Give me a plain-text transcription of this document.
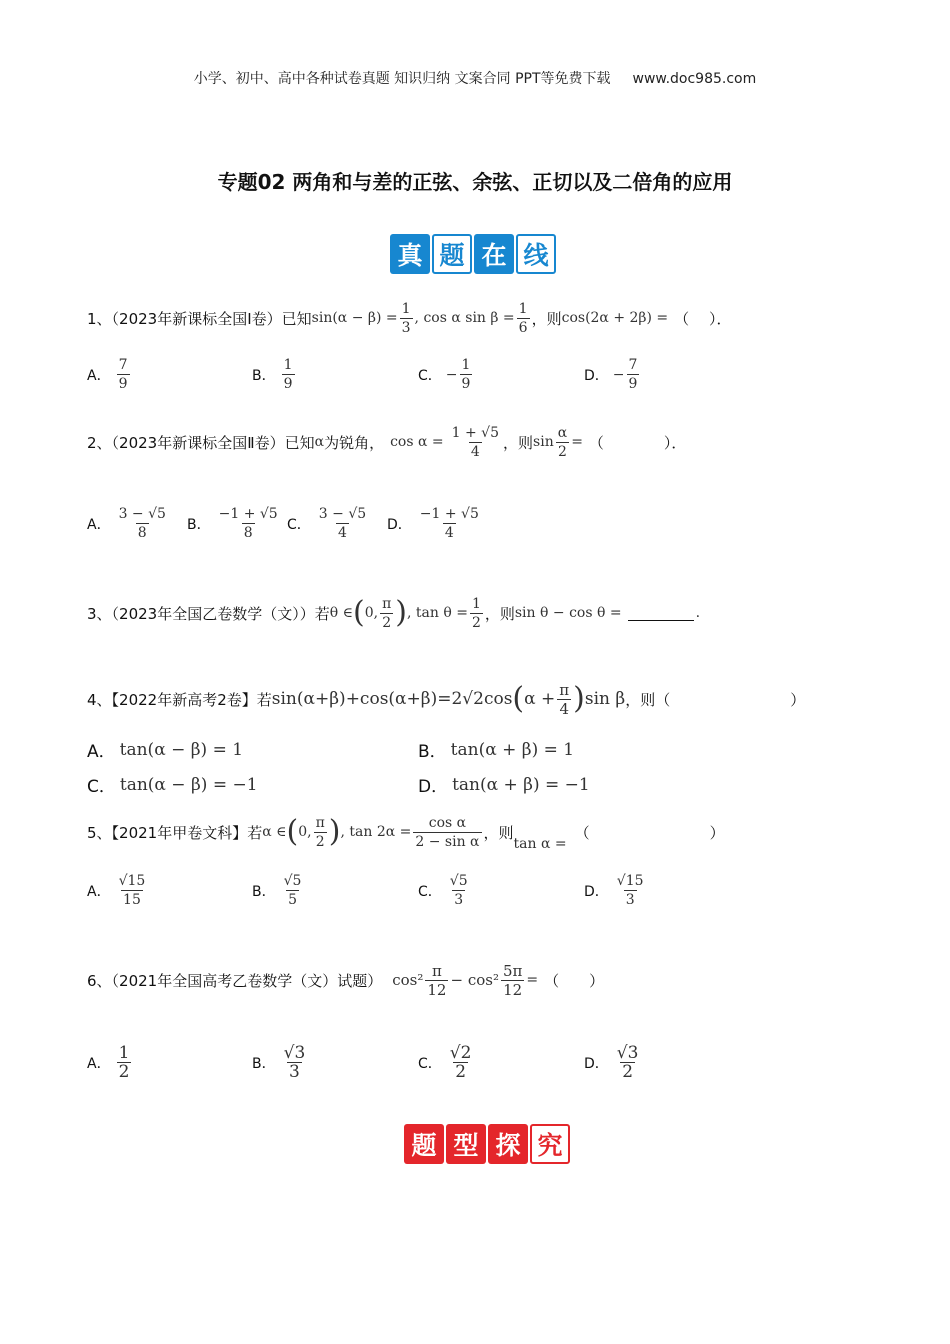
小学、初中、高中各种试卷真题 知识归纳 文案合同 PPT等免费下载 www.doc985.com
专题02 两角和与差的正弦、余弦、正切以及二倍角的应用
真 题 在 线
1、（2023年新课标全国Ⅰ卷）已知 $\sin(\alpha - \beta) = \frac{1}{3}$ , cos α $\sin \beta = \frac{1}{6}$ ，则 cos(2α + 2β) = （　 ）．
A． $\frac{7}{9}$	B． $\frac{1}{9}$	C． − $\frac{1}{9}$	D． − $\frac{7}{9}$
2、（2023年新课标全国Ⅱ卷）已知 α 为锐角， $\cos \alpha = \frac{1 + √5}{4}$ ，则 $\sin \frac{\alpha}{2}$ = （　　　　）．
A． $\frac{3 - √5}{8}$ B． $\frac{-1 + √5}{8}$ C． $\frac{3 - √5}{4}$ D． $\frac{-1 + √5}{4}$
3、（2023年全国乙卷数学（文））若 θ ∈ ( 0, $\frac{\pi}{2}$ ) , $\tan \theta = \frac{1}{2}$ ，则 sin θ − cos θ =	.
4、【2022年新高考2卷】若 sin(α+β)+cos(α+β)=2√2cos ( $\alpha + \frac{\pi}{4}$ ) sin β ，则（	）
A． tan(α − β) = 1	B． tan(α + β) = 1
C． tan(α − β) = −1	D． tan(α + β) = −1
5、【2021年甲卷文科】若 α ∈ ( 0, $\frac{\pi}{2}$ ) , $\tan 2\alpha = \frac{\text{cos α}}{\text{2 − sin α}}$ ，则
tan α =
（　　　　　　　　）
A． $\frac{√15}{15}$	B． $\frac{√5}{5}$	C． $\frac{√5}{3}$	D． $\frac{√15}{3}$
6、（2021年全国高考乙卷数学（文）试题） $\cos^2 \frac{\pi}{12} - \cos^2 \frac{5\pi}{12}$ = （　　）
A． $\frac{1}{2}$	B． $\frac{√3}{3}$	C． $\frac{√2}{2}$	D． $\frac{√3}{2}$
题 型 探 究
